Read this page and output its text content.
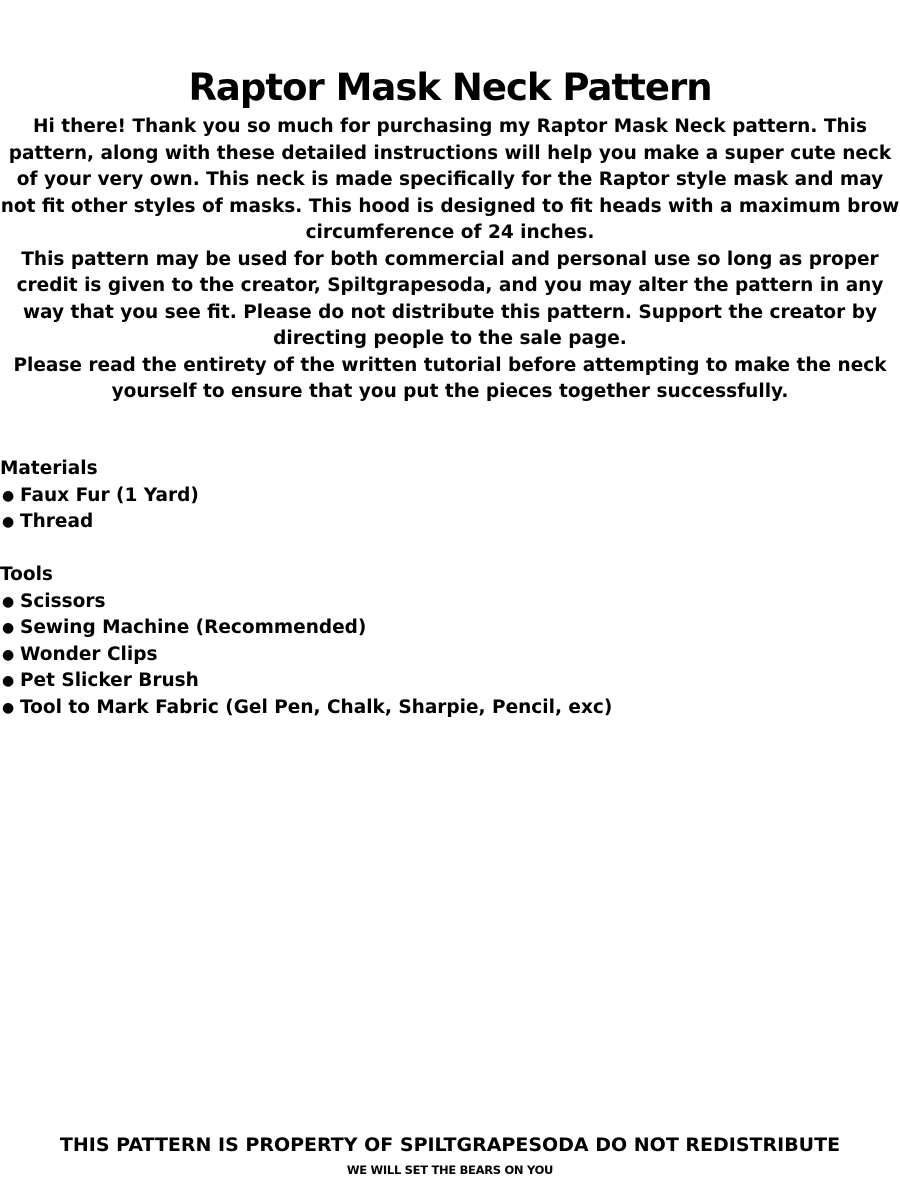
Raptor Mask Neck Pattern

Hi there! Thank you so much for purchasing my Raptor Mask Neck pattern. This pattern, along with these detailed instructions will help you make a super cute neck of your very own. This neck is made specifically for the Raptor style mask and may not fit other styles of masks. This hood is designed to fit heads with a maximum brow circumference of 24 inches.

This pattern may be used for both commercial and personal use so long as proper credit is given to the creator, Spiltgrapesoda, and you may alter the pattern in any way that you see fit. Please do not distribute this pattern. Support the creator by directing people to the sale page.

Please read the entirety of the written tutorial before attempting to make the neck yourself to ensure that you put the pieces together successfully.

Materials
● Faux Fur (1 Yard)
● Thread
Tools
● Scissors
● Sewing Machine (Recommended)
● Wonder Clips
● Pet Slicker Brush
● Tool to Mark Fabric (Gel Pen, Chalk, Sharpie, Pencil, exc)
THIS PATTERN IS PROPERTY OF SPILTGRAPESODA DO NOT REDISTRIBUTE
WE WILL SET THE BEARS ON YOU
